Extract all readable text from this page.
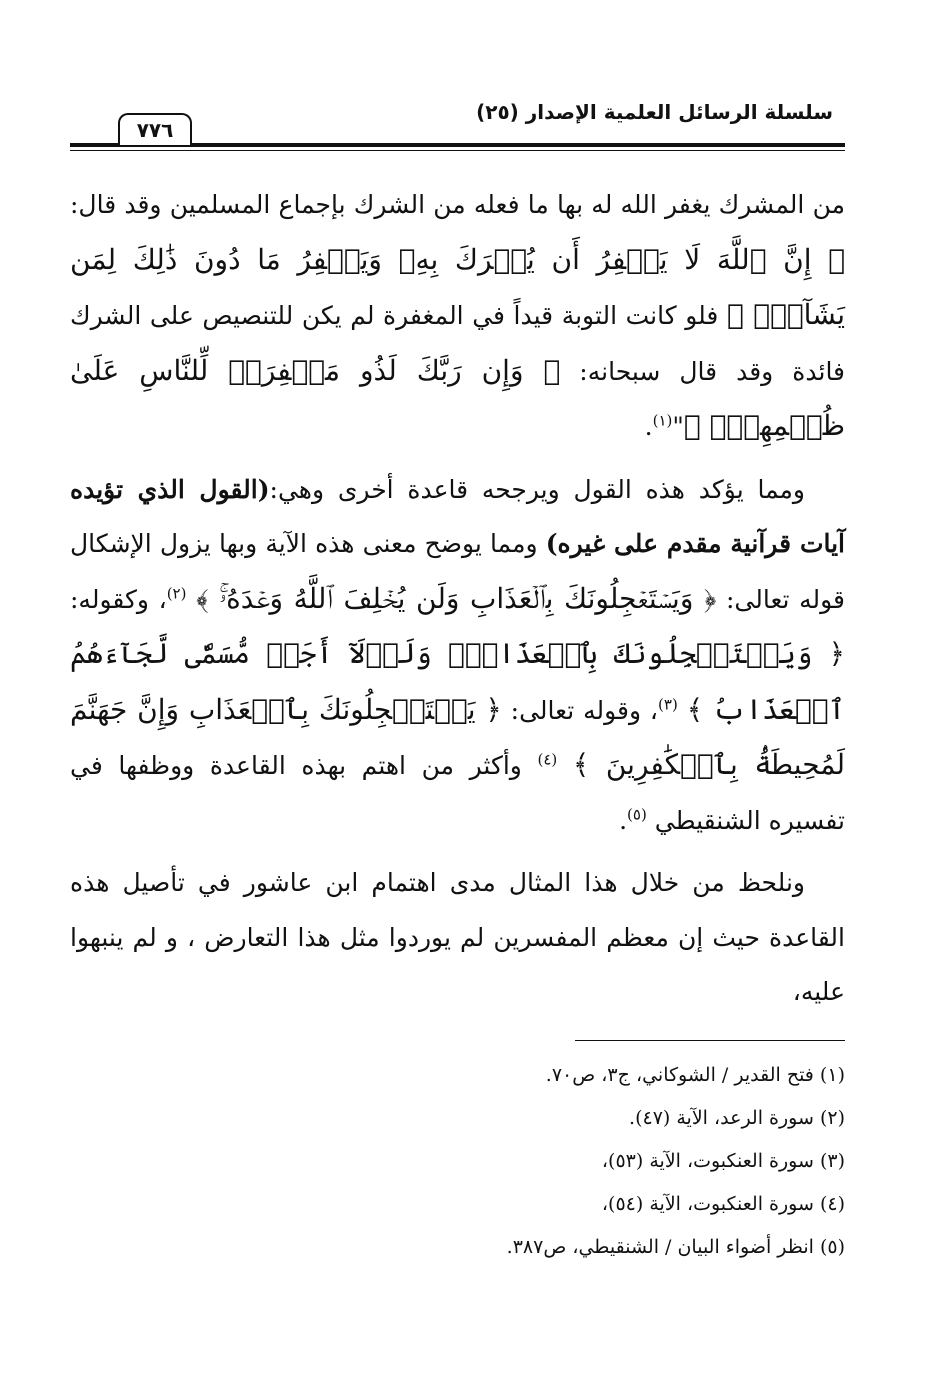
سلسلة الرسائل العلمية الإصدار (٢٥)
٧٧٦

من المشرك يغفر الله له بها ما فعله من الشرك بإجماع المسلمين وقد قال: ﴿ إِنَّ ٱللَّهَ لَا يَغۡفِرُ أَن يُشۡرَكَ بِهِۦ وَيَغۡفِرُ مَا دُونَ ذَٰلِكَ لِمَن يَشَآءُۚ ﴾ فلو كانت التوبة قيداً في المغفرة لم يكن للتنصيص على الشرك فائدة وقد قال سبحانه: ﴿ وَإِن رَبَّكَ لَذُو مَغۡفِرَةٖ لِّلنَّاسِ عَلَىٰ ظُلۡمِهِمۡۖ ﴾"$^{(١)}$.

ومما يؤكد هذه القول ويرجحه قاعدة أخرى وهي:(القول الذي تؤيده آيات قرآنية مقدم على غيره) ومما يوضح معنى هذه الآية وبها يزول الإشكال قوله تعالى: ﴿ وَيَسۡتَعۡجِلُونَكَ بِٱلۡعَذَابِ وَلَن يُخۡلِفَ ٱللَّهُ وَعۡدَهُۥۚ ﴾ $^{(٢)}$، وكقوله: ﴿ وَيَسۡتَعۡجِلُونَكَ بِٱلۡعَذَابِۚ وَلَوۡلَآ أَجَلٞ مُّسَمّٗى لَّجَآءَهُمُ ٱلۡعَذَابُ ﴾ $^{(٣)}$، وقوله تعالى: ﴿ يَسۡتَعۡجِلُونَكَ بِٱلۡعَذَابِ وَإِنَّ جَهَنَّمَ لَمُحِيطَةُۢ بِٱلۡكَٰفِرِينَ ﴾ $^{(٤)}$ وأكثر من اهتم بهذه القاعدة ووظفها في تفسيره الشنقيطي $^{(٥)}$.

ونلحظ من خلال هذا المثال مدى اهتمام ابن عاشور في تأصيل هذه القاعدة حيث إن معظم المفسرين لم يوردوا مثل هذا التعارض ، و لم ينبهوا عليه،

(١) فتح القدير / الشوكاني، ج٣، ص٧٠.

(٢) سورة الرعد، الآية (٤٧).

(٣) سورة العنكبوت، الآية (٥٣)،

(٤) سورة العنكبوت، الآية (٥٤)،

(٥) انظر أضواء البيان / الشنقيطي، ص٣٨٧.
